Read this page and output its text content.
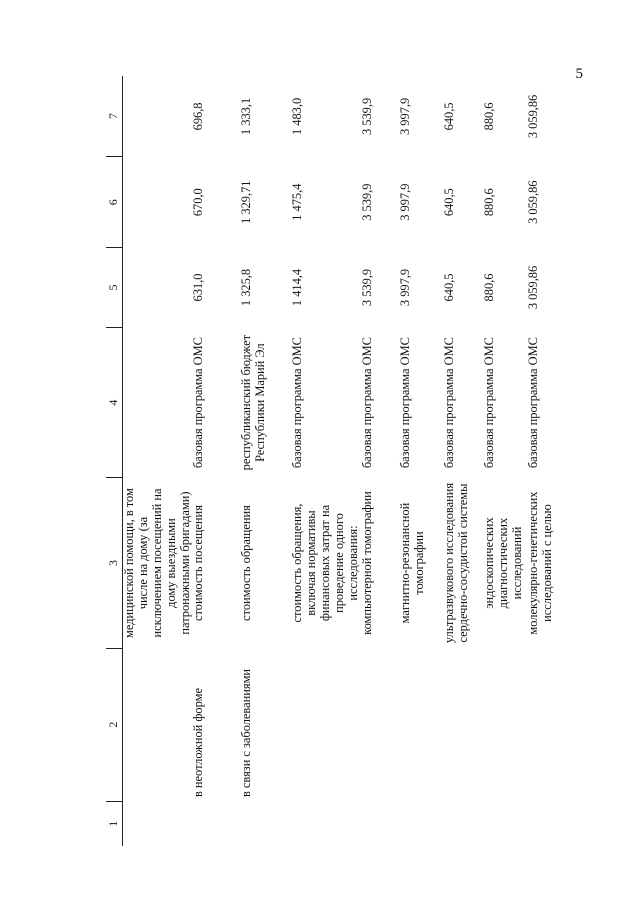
5
1	2	3	4	5	6	7
		медицинской помощи, в том числе на дому (за исключением посещений на дому выездными патронажными бригадами)				
	в неотложной форме	стоимость посещения	базовая программа ОМС	631,0	670,0	696,8
	в связи с заболеваниями	стоимость обращения	республиканский бюджет Республики Марий Эл	1 325,8	1 329,71	1 333,1
		стоимость обращения, включая нормативы финансовых затрат на проведение одного исследования:	базовая программа ОМС	1 414,4	1 475,4	1 483,0
		компьютерной томографии	базовая программа ОМС	3 539,9	3 539,9	3 539,9
		магнитно-резонансной томографии	базовая программа ОМС	3 997,9	3 997,9	3 997,9
		ультразвукового исследования сердечно-сосудистой системы	базовая программа ОМС	640,5	640,5	640,5
		эндоскопических диагностических исследований	базовая программа ОМС	880,6	880,6	880,6
		молекулярно-генетических исследований с целью	базовая программа ОМС	3 059,86	3 059,86	3 059,86
